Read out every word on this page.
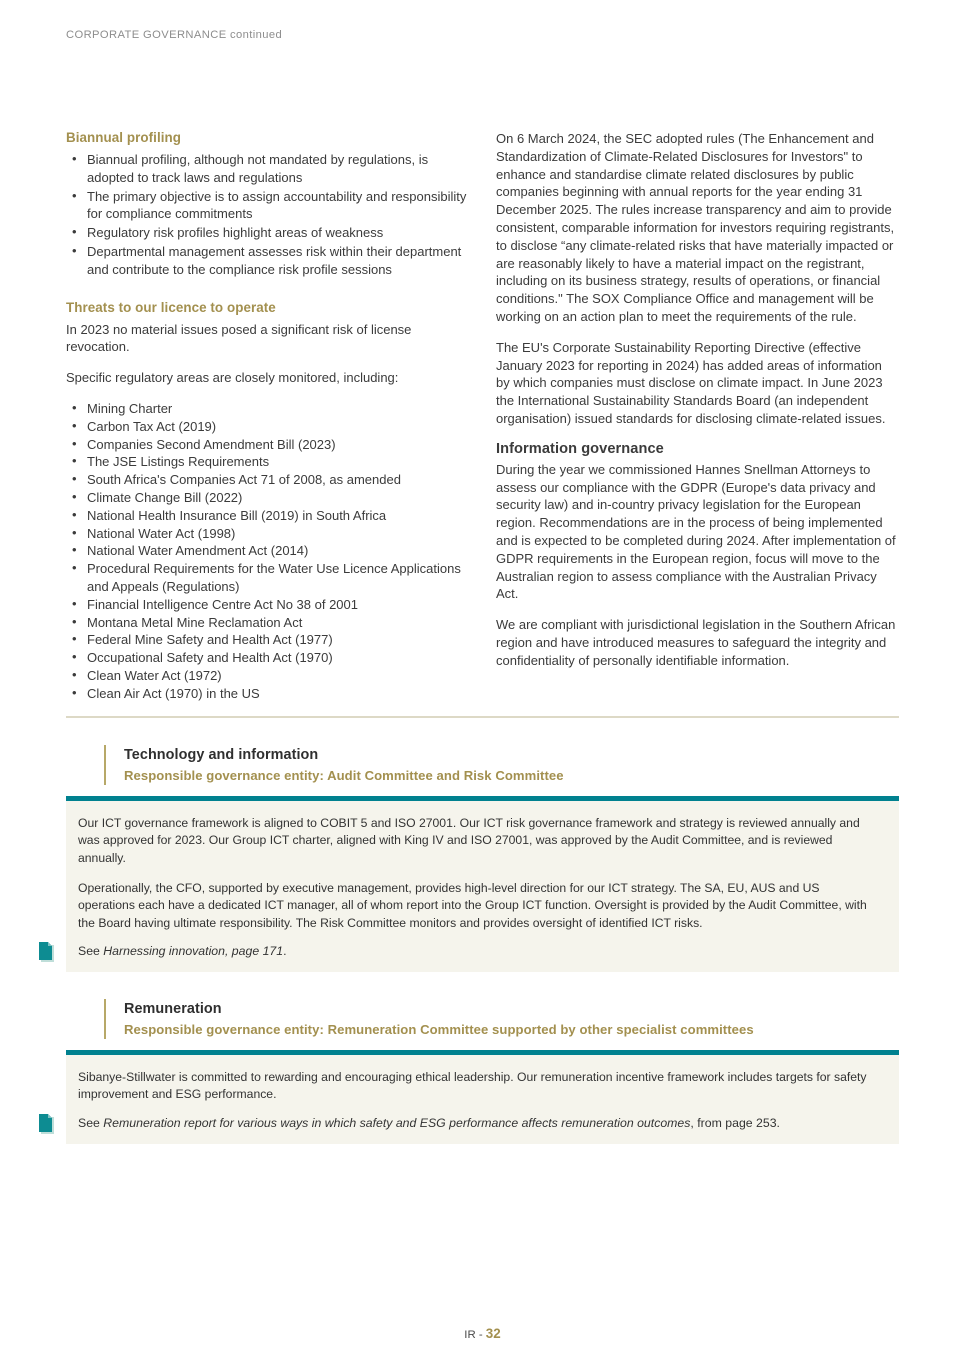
CORPORATE GOVERNANCE continued
Biannual profiling
• Biannual profiling, although not mandated by regulations, is adopted to track laws and regulations
• The primary objective is to assign accountability and responsibility for compliance commitments
• Regulatory risk profiles highlight areas of weakness
• Departmental management assesses risk within their department and contribute to the compliance risk profile sessions
Threats to our licence to operate

In 2023 no material issues posed a significant risk of license revocation.

Specific regulatory areas are closely monitored, including:

• Mining Charter
• Carbon Tax Act (2019)
• Companies Second Amendment Bill (2023)
• The JSE Listings Requirements
• South Africa's Companies Act 71 of 2008, as amended
• Climate Change Bill (2022)
• National Health Insurance Bill (2019) in South Africa
• National Water Act (1998)
• National Water Amendment Act (2014)
• Procedural Requirements for the Water Use Licence Applications and Appeals (Regulations)
• Financial Intelligence Centre Act No 38 of 2001
• Montana Metal Mine Reclamation Act
• Federal Mine Safety and Health Act (1977)
• Occupational Safety and Health Act (1970)
• Clean Water Act (1972)
• Clean Air Act (1970) in the US

On 6 March 2024, the SEC adopted rules (The Enhancement and Standardization of Climate-Related Disclosures for Investors" to enhance and standardise climate related disclosures by public companies beginning with annual reports for the year ending 31 December 2025. The rules increase transparency and aim to provide consistent, comparable information for investors requiring registrants, to disclose “any climate-related risks that have materially impacted or are reasonably likely to have a material impact on the registrant, including on its business strategy, results of operations, or financial conditions." The SOX Compliance Office and management will be working on an action plan to meet the requirements of the rule.

The EU's Corporate Sustainability Reporting Directive (effective January 2023 for reporting in 2024) has added areas of information by which companies must disclose on climate impact. In June 2023 the International Sustainability Standards Board (an independent organisation) issued standards for disclosing climate-related issues.

Information governance

During the year we commissioned Hannes Snellman Attorneys to assess our compliance with the GDPR (Europe's data privacy and security law) and in-country privacy legislation for the European region. Recommendations are in the process of being implemented and is expected to be completed during 2024. After implementation of GDPR requirements in the European region, focus will move to the Australian region to assess compliance with the Australian Privacy Act.

We are compliant with jurisdictional legislation in the Southern African region and have introduced measures to safeguard the integrity and confidentiality of personally identifiable information.

Technology and information
Responsible governance entity: Audit Committee and Risk Committee

Our ICT governance framework is aligned to COBIT 5 and ISO 27001. Our ICT risk governance framework and strategy is reviewed annually and was approved for 2023. Our Group ICT charter, aligned with King IV and ISO 27001, was approved by the Audit Committee, and is reviewed annually.

Operationally, the CFO, supported by executive management, provides high-level direction for our ICT strategy. The SA, EU, AUS and US operations each have a dedicated ICT manager, all of whom report into the Group ICT function. Oversight is provided by the Audit Committee, with the Board having ultimate responsibility. The Risk Committee monitors and provides oversight of identified ICT risks.

See Harnessing innovation, page 171.
Remuneration
Responsible governance entity: Remuneration Committee supported by other specialist committees

Sibanye-Stillwater is committed to rewarding and encouraging ethical leadership. Our remuneration incentive framework includes targets for safety improvement and ESG performance.

See Remuneration report for various ways in which safety and ESG performance affects remuneration outcomes, from page 253.
IR - 32
